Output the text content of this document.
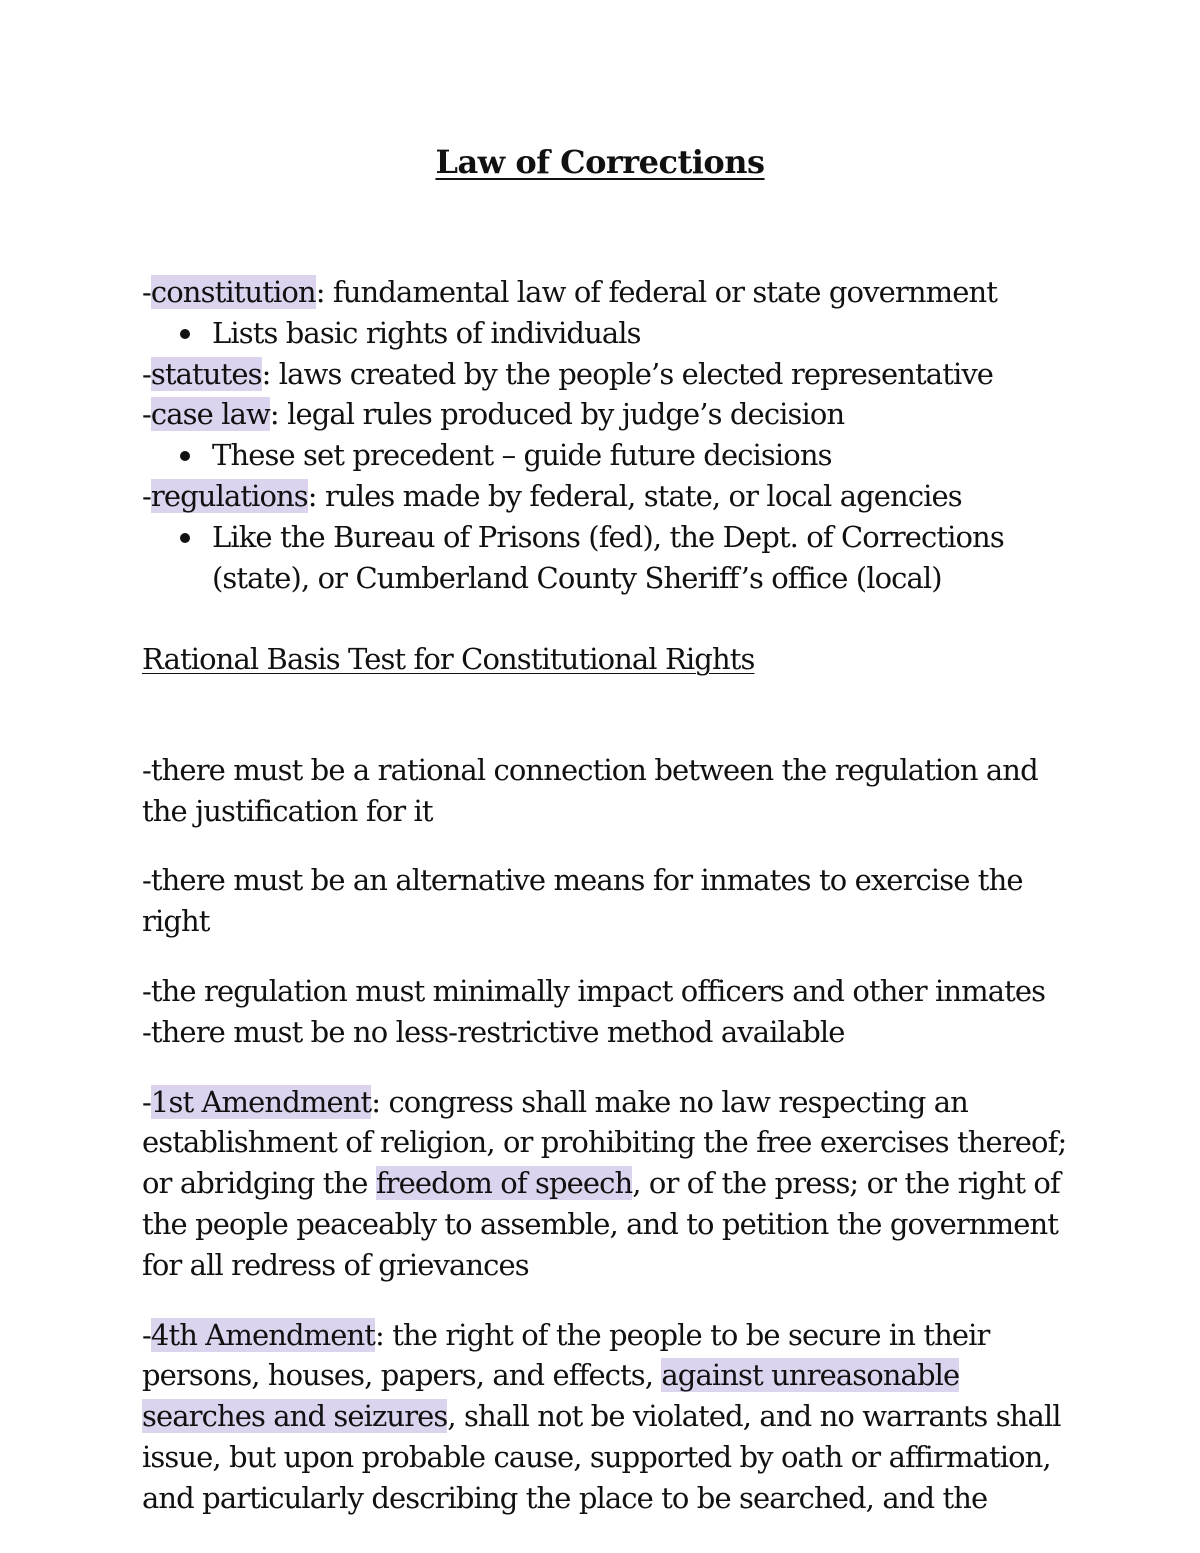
Law of Corrections

-constitution: fundamental law of federal or state government

Lists basic rights of individuals

-statutes: laws created by the people’s elected representative

-case law: legal rules produced by judge’s decision

These set precedent – guide future decisions

-regulations: rules made by federal, state, or local agencies

Like the Bureau of Prisons (fed), the Dept. of Corrections (state), or Cumberland County Sheriff’s office (local)

Rational Basis Test for Constitutional Rights

-there must be a rational connection between the regulation and the justification for it

-there must be an alternative means for inmates to exercise the right

-the regulation must minimally impact officers and other inmates

-there must be no less-restrictive method available

-1st Amendment: congress shall make no law respecting an establishment of religion, or prohibiting the free exercises thereof; or abridging the freedom of speech, or of the press; or the right of the people peaceably to assemble, and to petition the government for all redress of grievances

-4th Amendment: the right of the people to be secure in their persons, houses, papers, and effects, against unreasonable searches and seizures, shall not be violated, and no warrants shall issue, but upon probable cause, supported by oath or affirmation, and particularly describing the place to be searched, and the
